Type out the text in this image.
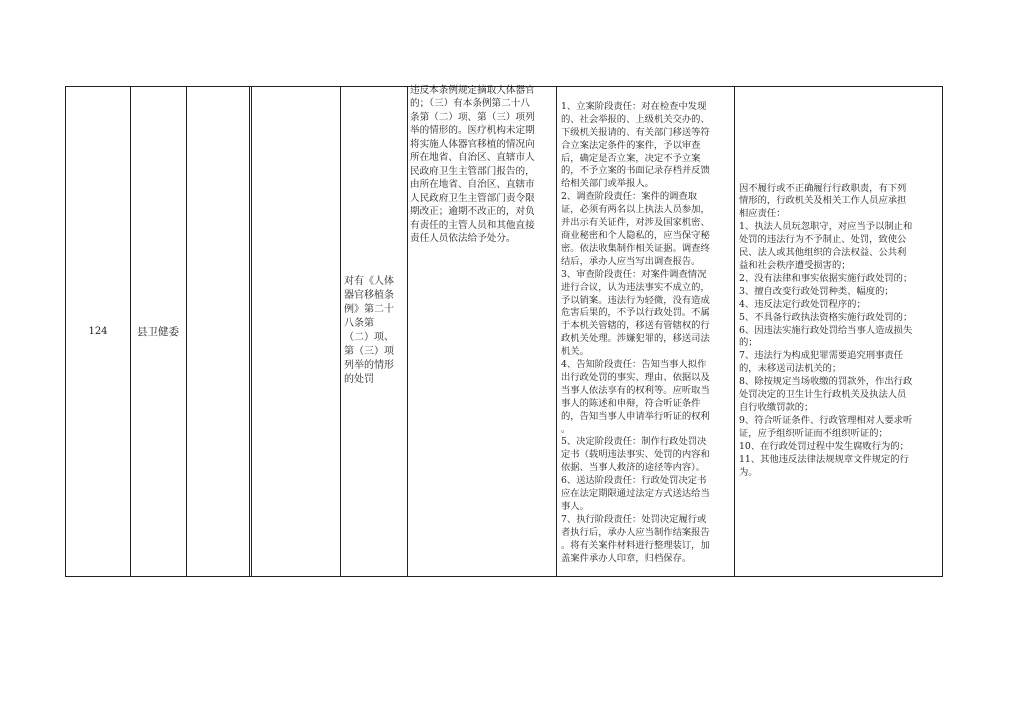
124	县卫健委
对有《人体
器官移植条
例》第二十
八条第
（二）项、
第（三）项
列举的情形
的处罚

违反本条例规定摘取人体器官
的；（三）有本条例第二十八
条第（二）项、第（三）项列
举的情形的。医疗机构未定期
将实施人体器官移植的情况向
所在地省、自治区、直辖市人
民政府卫生主管部门报告的，
由所在地省、自治区、直辖市
人民政府卫生主管部门责令限
期改正；逾期不改正的，对负
有责任的主管人员和其他直接
责任人员依法给予处分。

1、立案阶段责任：对在检查中发现
的、社会举报的、上级机关交办的、
下级机关报请的、有关部门移送等符
合立案法定条件的案件，予以审查
后，确定是否立案，决定不予立案
的，不予立案的书面记录存档并反馈
给相关部门或举报人。
2、调查阶段责任：案件的调查取
证，必须有两名以上执法人员参加，
并出示有关证件，对涉及国家机密、
商业秘密和个人隐私的，应当保守秘
密。依法收集制作相关证据。调查终
结后，承办人应当写出调查报告。
3、审查阶段责任：对案件调查情况
进行合议，认为违法事实不成立的，
予以销案。违法行为轻微，没有造成
危害后果的，不予以行政处罚。不属
于本机关管辖的，移送有管辖权的行
政机关处理。涉嫌犯罪的，移送司法
机关。
4、告知阶段责任：告知当事人拟作
出行政处罚的事实、理由、依据以及
当事人依法享有的权利等。应听取当
事人的陈述和申辩，符合听证条件
的，告知当事人申请举行听证的权利
。
5、决定阶段责任：制作行政处罚决
定书（载明违法事实、处罚的内容和
依据、当事人救济的途径等内容）。
6、送达阶段责任：行政处罚决定书
应在法定期限通过法定方式送达给当
事人。
7、执行阶段责任：处罚决定履行或
者执行后，承办人应当制作结案报告
。将有关案件材料进行整理装订，加
盖案件承办人印章，归档保存。

因不履行或不正确履行行政职责，有下列
情形的，行政机关及相关工作人员应承担
相应责任：
1、执法人员玩忽职守，对应当予以制止和
处罚的违法行为不予制止、处罚，致使公
民、法人或其他组织的合法权益、公共利
益和社会秩序遭受损害的；
2、没有法律和事实依据实施行政处罚的；
3、擅自改变行政处罚种类、幅度的；
4、违反法定行政处罚程序的；
5、不具备行政执法资格实施行政处罚的；
6、因违法实施行政处罚给当事人造成损失
的；
7、违法行为构成犯罪需要追究刑事责任
的，未移送司法机关的；
8、除按规定当场收缴的罚款外，作出行政
处罚决定的卫生计生行政机关及执法人员
自行收缴罚款的；
9、符合听证条件、行政管理相对人要求听
证，应予组织听证而不组织听证的；
10、在行政处罚过程中发生腐败行为的；
11、其他违反法律法规规章文件规定的行
为。
